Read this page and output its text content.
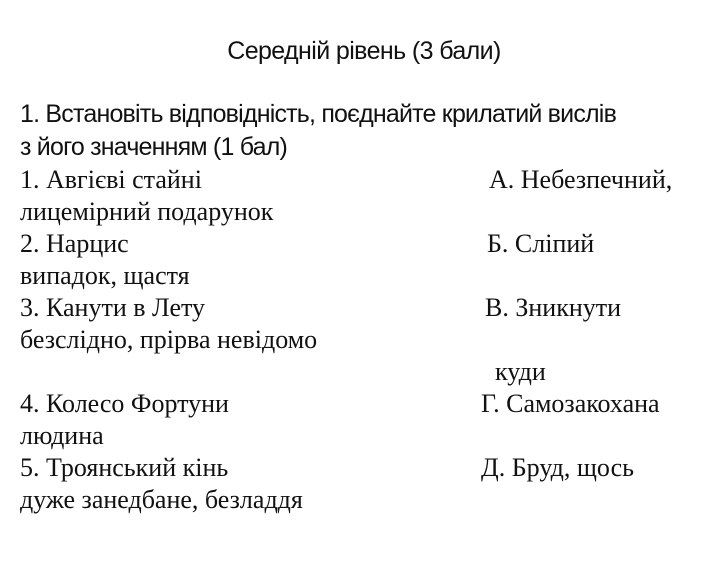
Середній рівень (3 бали)
1. Встановіть відповідність, поєднайте крилатий вислів
з його значенням (1 бал)
1. Авгієві стайні	А. Небезпечний,
лицемірний подарунок
2. Нарцис	Б. Сліпий
випадок, щастя
3. Канути в Лету	В. Зникнути
безслідно, прірва невідомо
куди
4. Колесо Фортуни	Г. Самозакохана
людина
5. Троянський кінь	Д. Бруд, щось
дуже занедбане, безладдя
